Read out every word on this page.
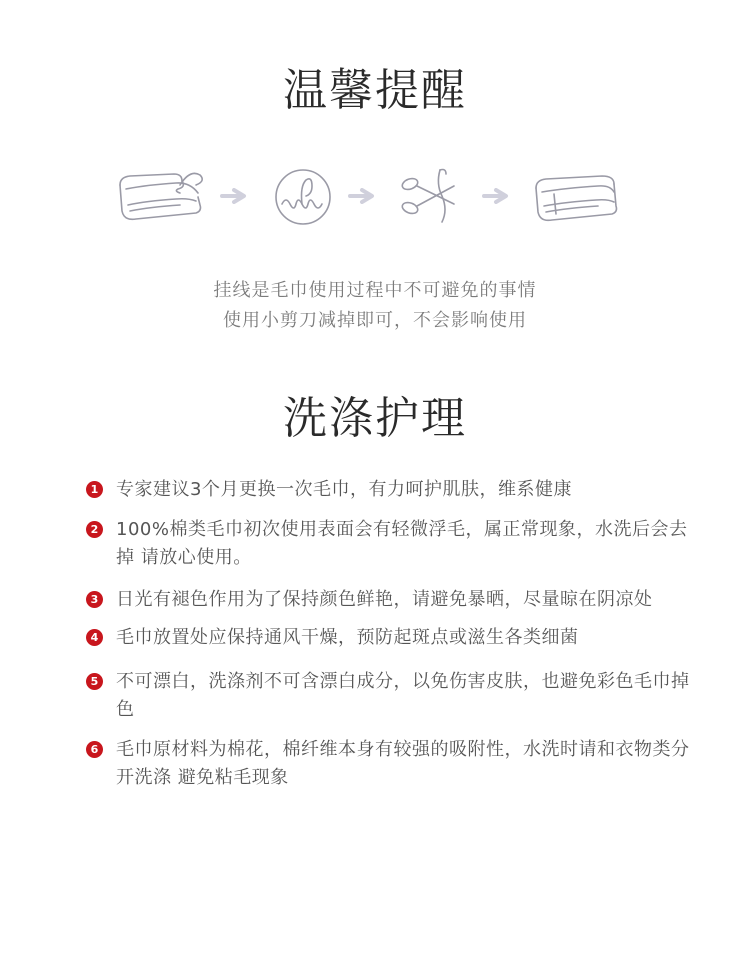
温馨提醒
挂线是毛巾使用过程中不可避免的事情
使用小剪刀减掉即可，不会影响使用
洗涤护理
1 专家建议3个月更换一次毛巾，有力呵护肌肤，维系健康
2 100%棉类毛巾初次使用表面会有轻微浮毛，属正常现象，水洗后会去掉 请放心使用。
3 日光有褪色作用为了保持颜色鲜艳，请避免暴晒，尽量晾在阴凉处
4 毛巾放置处应保持通风干燥，预防起斑点或滋生各类细菌
5 不可漂白，洗涤剂不可含漂白成分，以免伤害皮肤，也避免彩色毛巾掉色
6 毛巾原材料为棉花，棉纤维本身有较强的吸附性，水洗时请和衣物类分开洗涤 避免粘毛现象
